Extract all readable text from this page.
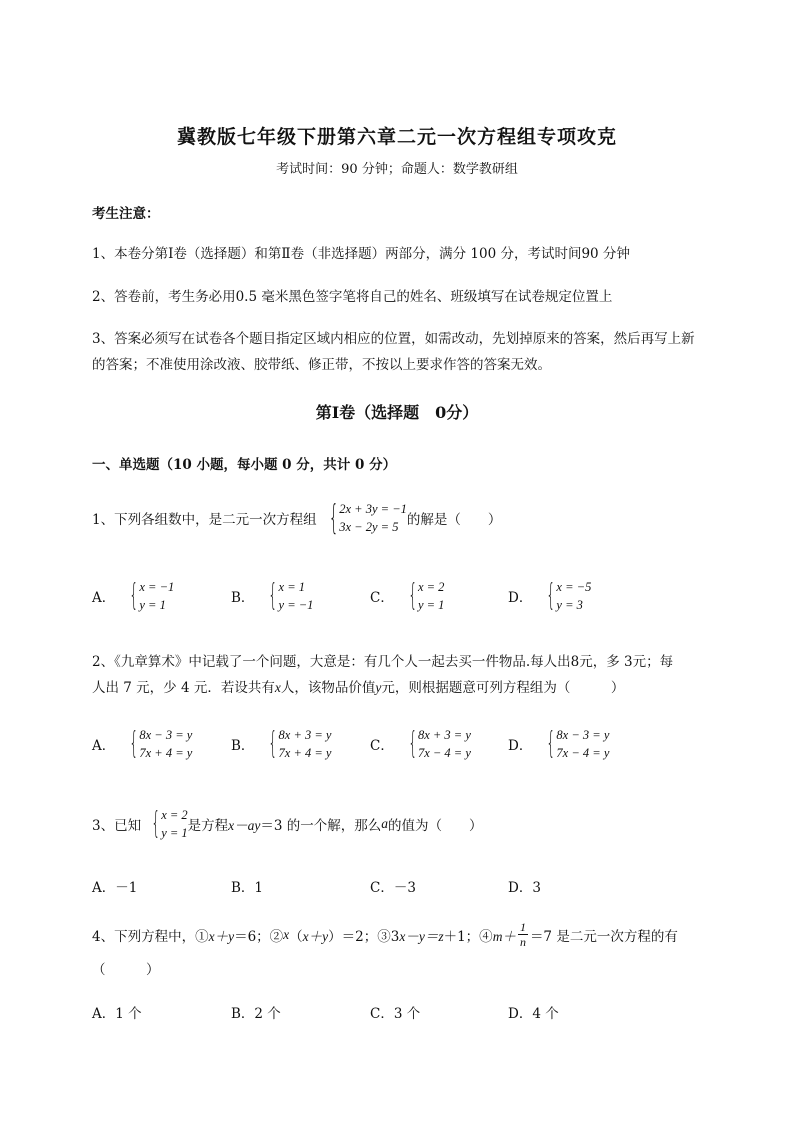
冀教版七年级下册第六章二元一次方程组专项攻克
考试时间：90 分钟；命题人：数学教研组
考生注意：
1、本卷分第Ⅰ卷（选择题）和第Ⅱ卷（非选择题）两部分，满分 100 分，考试时间90 分钟
2、答卷前，考生务必用0.5 毫米黑色签字笔将自己的姓名、班级填写在试卷规定位置上
3、答案必须写在试卷各个题目指定区域内相应的位置，如需改动，先划掉原来的答案，然后再写上新
的答案；不准使用涂改液、胶带纸、修正带，不按以上要求作答的答案无效。
第Ⅰ卷（选择题　0分）
一、单选题（10 小题，每小题 0 分，共计 0 分）
1、下列各组数中，是二元一次方程组 { 2x + 3y = −1
3x − 2y = 5 的解是（　　）
A． { x = −1
y = 1	B． { x = 1
y = −1	C． { x = 2
y = 1	D． { x = −5
y = 3
2、《九章算术》中记载了一个问题，大意是：有几个人一起去买一件物品.每人出8元，多 3元；每
人出 7 元，少 4 元．若设共有x人，该物品价值y元，则根据题意可列方程组为（　　　）
A． { 8x − 3 = y
7x + 4 = y	B． { 8x + 3 = y
7x + 4 = y	C． { 8x + 3 = y
7x − 4 = y	D． { 8x − 3 = y
7x − 4 = y
3、已知 { x = 2
y = 1 是方程 x－ay ＝3 的一个解，那么 a 的值为（　　）
A．－1	B．1	C．－3	D．3
4、下列方程中，① x＋y ＝6；② x （ x＋y ）＝2；③3 x－y＝z ＋1；④ $m+ \frac{1}{n} =7$ 是二元一次方程的有
（　　　）
A．1 个	B．2 个	C．3 个	D．4 个
